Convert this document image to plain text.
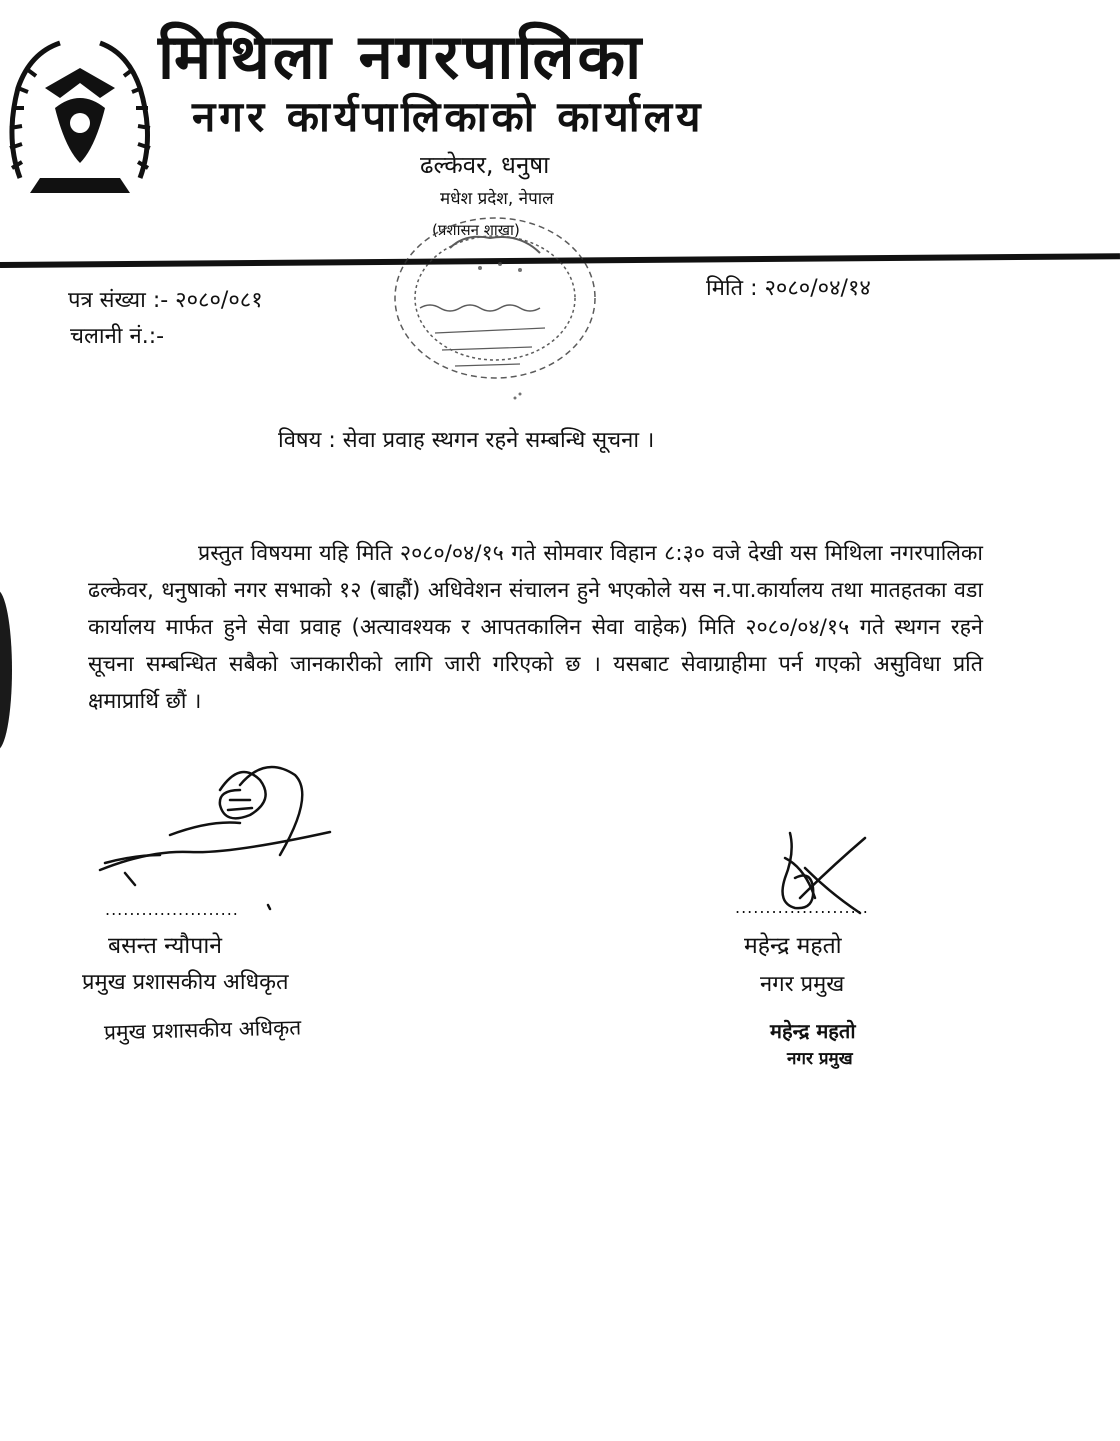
मिथिला नगरपालिका
नगर कार्यपालिकाको कार्यालय
ढल्केवर, धनुषा
मधेश प्रदेश, नेपाल
(प्रशासन शाखा)
पत्र संख्या :- २०८०/०८१
चलानी नं.:-
मिति : २०८०/०४/१४
विषय : सेवा प्रवाह स्थगन रहने सम्बन्धि सूचना ।
प्रस्तुत विषयमा यहि मिति २०८०/०४/१५ गते सोमवार विहान ८:३० वजे देखी यस मिथिला नगरपालिका ढल्केवर, धनुषाको नगर सभाको १२ (बाह्रौं) अधिवेशन संचालन हुने भएकोले यस न.पा.कार्यालय तथा मातहतका वडा कार्यालय मार्फत हुने सेवा प्रवाह (अत्यावश्यक र आपतकालिन सेवा वाहेक) मिति २०८०/०४/१५ गते स्थगन रहने सूचना सम्बन्धित सबैको जानकारीको लागि जारी गरिएको छ । यसबाट सेवाग्राहीमा पर्न गएको असुविधा प्रति क्षमाप्रार्थि छौं ।
......................	......................
बसन्त न्यौपाने
प्रमुख प्रशासकीय अधिकृत
प्रमुख प्रशासकीय अधिकृत
महेन्द्र महतो
नगर प्रमुख
महेन्द्र महतो
नगर प्रमुख
